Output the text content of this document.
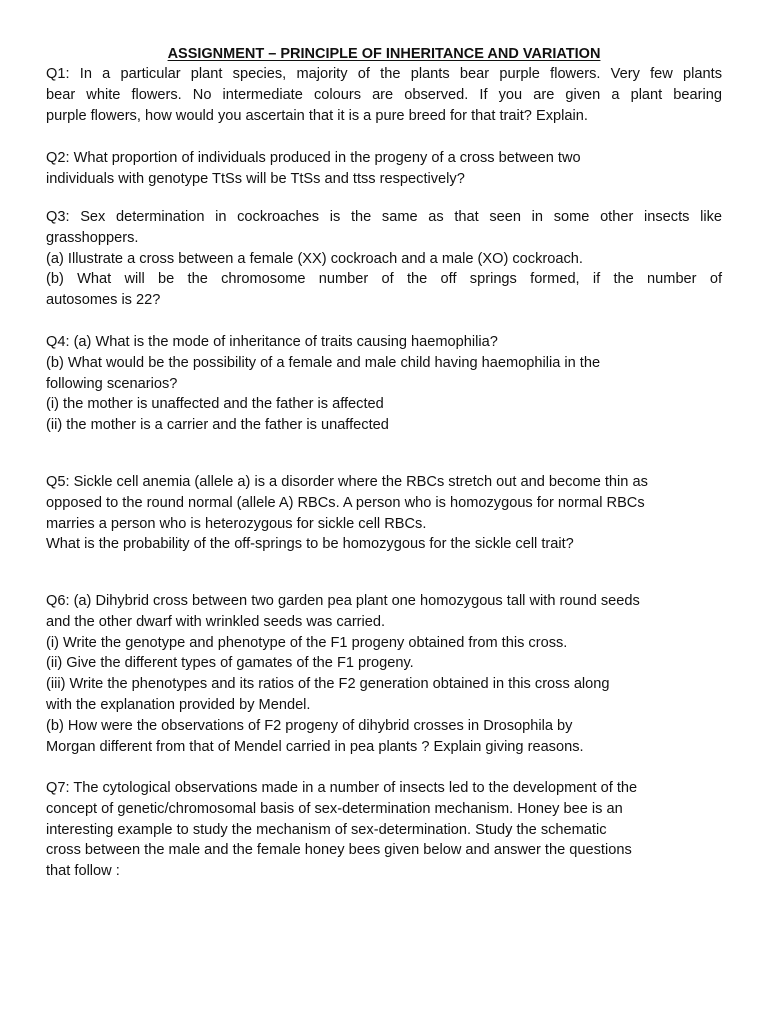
ASSIGNMENT – PRINCIPLE OF INHERITANCE AND VARIATION
Q1: In a particular plant species, majority of the plants bear purple flowers. Very few plants
bear white flowers. No intermediate colours are observed. If you are given a plant bearing
purple flowers, how would you ascertain that it is a pure breed for that trait? Explain.
Q2: What proportion of individuals produced in the progeny of a cross between two
individuals with genotype TtSs will be TtSs and ttss respectively?
Q3: Sex determination in cockroaches is the same as that seen in some other insects like
grasshoppers.
(a) Illustrate a cross between a female (XX) cockroach and a male (XO) cockroach.
(b) What will be the chromosome number of the off springs formed, if the number of
autosomes is 22?
Q4: (a) What is the mode of inheritance of traits causing haemophilia?
(b) What would be the possibility of a female and male child having haemophilia in the
following scenarios?
(i) the mother is unaffected and the father is affected
(ii) the mother is a carrier and the father is unaffected
Q5: Sickle cell anemia (allele a) is a disorder where the RBCs stretch out and become thin as
opposed to the round normal (allele A) RBCs. A person who is homozygous for normal RBCs
marries a person who is heterozygous for sickle cell RBCs.
What is the probability of the off-springs to be homozygous for the sickle cell trait?
Q6: (a) Dihybrid cross between two garden pea plant one homozygous tall with round seeds
and the other dwarf with wrinkled seeds was carried.
(i) Write the genotype and phenotype of the F1 progeny obtained from this cross.
(ii) Give the different types of gamates of the F1 progeny.
(iii) Write the phenotypes and its ratios of the F2 generation obtained in this cross along
with the explanation provided by Mendel.
(b) How were the observations of F2 progeny of dihybrid crosses in Drosophila by
Morgan different from that of Mendel carried in pea plants ? Explain giving reasons.
Q7: The cytological observations made in a number of insects led to the development of the
concept of genetic/chromosomal basis of sex-determination mechanism. Honey bee is an
interesting example to study the mechanism of sex-determination. Study the schematic
cross between the male and the female honey bees given below and answer the questions
that follow :
